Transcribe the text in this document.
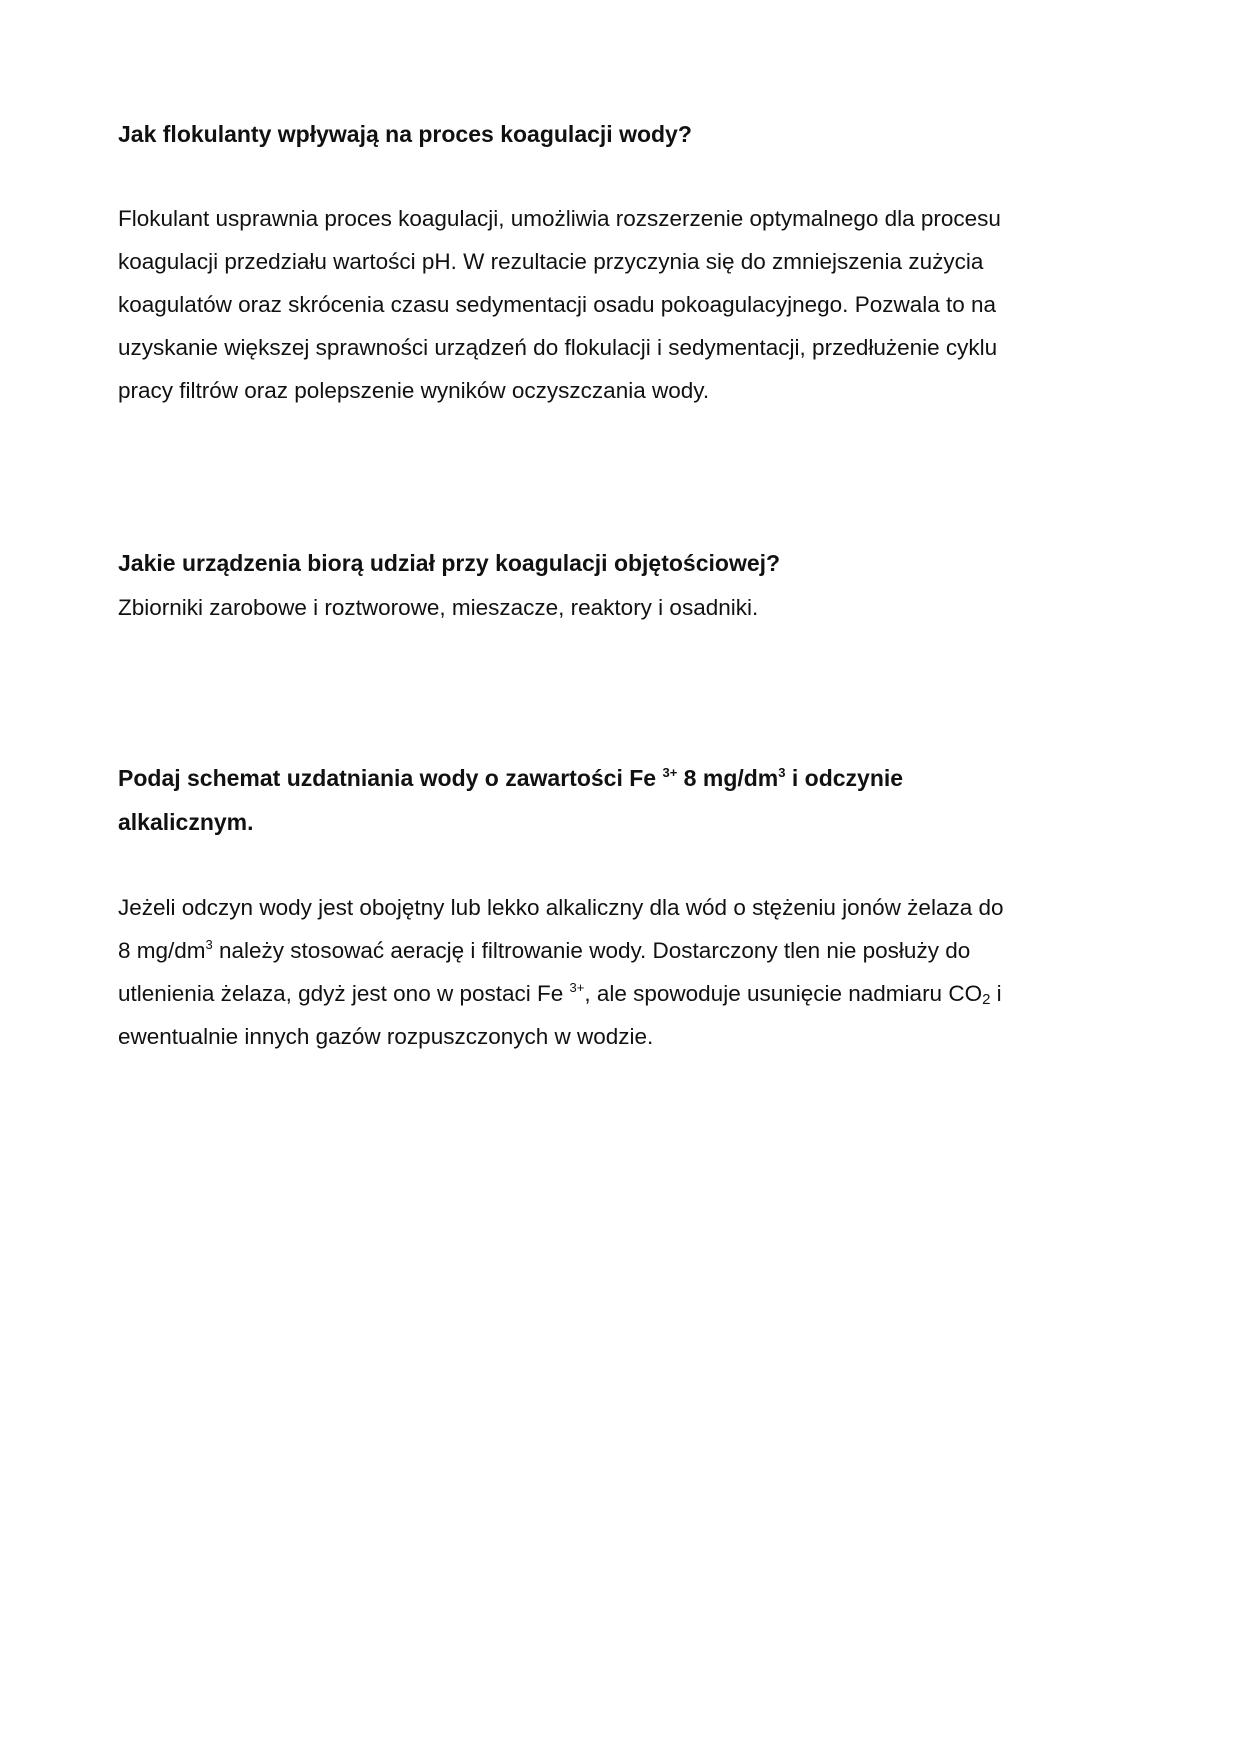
Jak flokulanty wpływają na proces koagulacji wody?

Flokulant usprawnia proces koagulacji, umożliwia rozszerzenie optymalnego dla procesu
koagulacji przedziału wartości pH. W rezultacie przyczynia się do zmniejszenia zużycia
koagulatów oraz skrócenia czasu sedymentacji osadu pokoagulacyjnego. Pozwala to na
uzyskanie większej sprawności urządzeń do flokulacji i sedymentacji, przedłużenie cyklu
pracy filtrów oraz polepszenie wyników oczyszczania wody.

Jakie urządzenia biorą udział przy koagulacji objętościowej?

Zbiorniki zarobowe i roztworowe, mieszacze, reaktory i osadniki.

Podaj schemat uzdatniania wody o zawartości Fe $^{3+}$ 8 $mg/dm^3$ i odczynie
alkalicznym.

Jeżeli odczyn wody jest obojętny lub lekko alkaliczny dla wód o stężeniu jonów żelaza do
8 $mg/dm^3$ należy stosować aerację i filtrowanie wody. Dostarczony tlen nie posłuży do
utlenienia żelaza, gdyż jest ono w postaci Fe $^{3+}$, ale spowoduje usunięcie nadmiaru $CO_2$ i
ewentualnie innych gazów rozpuszczonych w wodzie.
